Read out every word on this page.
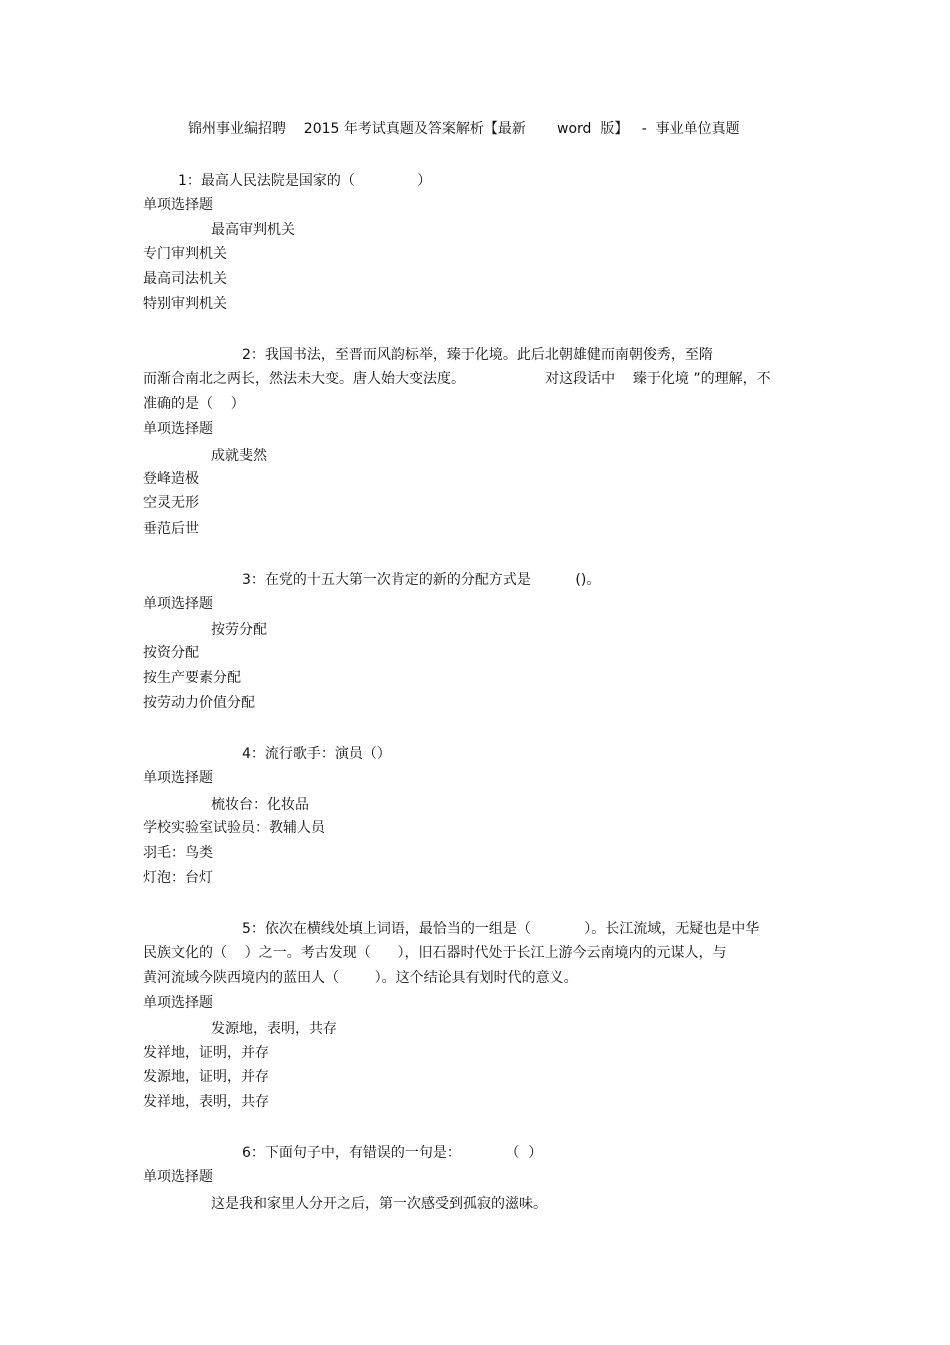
锦州事业编招聘    2015 年考试真题及答案解析【最新       word  版】   -  事业单位真题
1：最高人民法院是国家的（              ）
单项选择题
最高审判机关
专门审判机关
最高司法机关
特别审判机关
2：我国书法，至晋而风韵标举，臻于化境。此后北朝雄健而南朝俊秀，至隋
而渐合南北之两长，然法未大变。唐人始大变法度。                  对这段话中    臻于化境 ”的理解，不
准确的是（    ）
单项选择题
成就斐然
登峰造极
空灵无形
垂范后世
3：在党的十五大第一次肯定的新的分配方式是          ()。
单项选择题
按劳分配
按资分配
按生产要素分配
按劳动力价值分配
4：流行歌手：演员（）
单项选择题
梳妆台：化妆品
学校实验室试验员：教辅人员
羽毛：鸟类
灯泡：台灯
5：依次在横线处填上词语，最恰当的一组是（            ）。长江流域，无疑也是中华
民族文化的（    ）之一。考古发现（      ），旧石器时代处于长江上游今云南境内的元谋人，与
黄河流域今陕西境内的蓝田人（        ）。这个结论具有划时代的意义。
单项选择题
发源地，表明，共存
发祥地，证明，并存
发源地，证明，并存
发祥地，表明，共存
6：下面句子中，有错误的一句是：          （  ）
单项选择题
这是我和家里人分开之后，第一次感受到孤寂的滋味。
